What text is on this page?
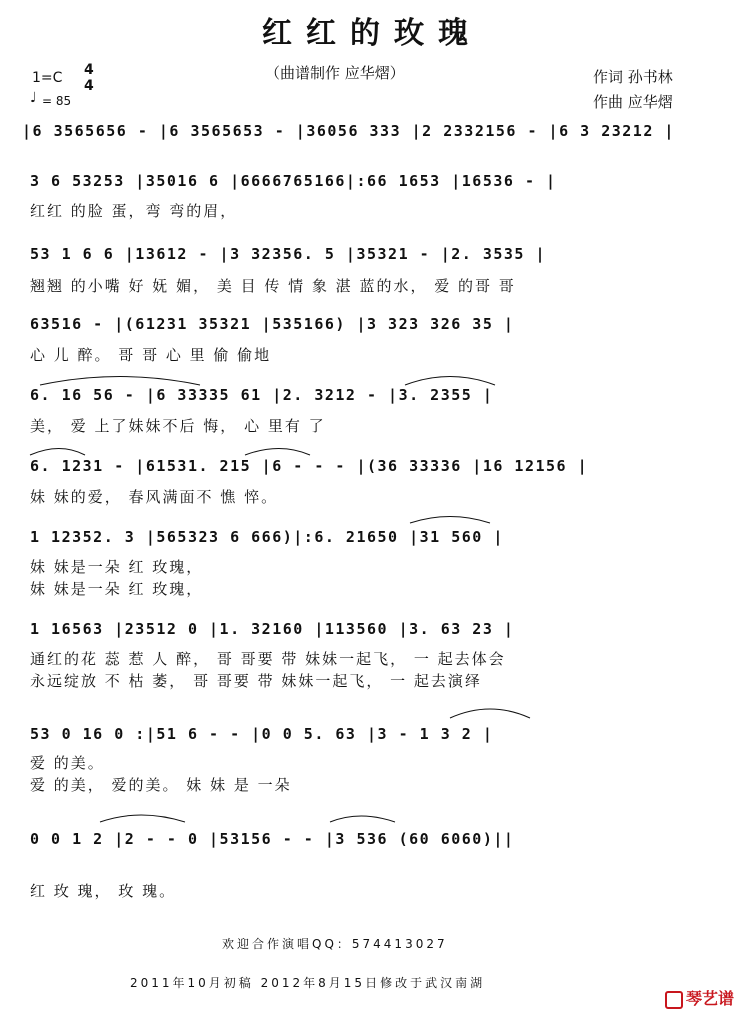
红红的玫瑰
（曲谱制作 应华熠）
1=C 4
4
♩ = 85
作词 孙书林
作曲 应华熠
|6 3565656 - |6 3565653 - |36056 333 |2 2332156 - |6 3 23212 |
3 6 53253 |35016 6 |6666765166|:66 1653 |16536 - |
红红 的脸 蛋，弯 弯的眉，
53 1 6 6 |13612 - |3 32356. 5 |35321 - |2. 3535 |
翘翘 的小嘴 好 妩 媚， 美 目 传 情 象 湛 蓝的水， 爱 的哥 哥
63516 - |(61231 35321 |535166) |3 323 326 35 |
心 儿 醉。 哥 哥 心 里 偷 偷地
6. 16 56 - |6 33335 61 |2. 3212 - |3. 2355 |
美， 爱 上了妹妹不后 悔， 心 里有 了
6. 1231 - |61531. 215 |6 - - - |(36 33336 |16 12156 |
妹 妹的爱， 春风满面不 憔 悴。
1 12352. 3 |565323 6 666)|:6. 21650 |31 560 |
妹 妹是一朵 红 玫瑰，
妹 妹是一朵 红 玫瑰，
1 16563 |23512 0 |1. 32160 |113560 |3. 63 23 |
通红的花 蕊 惹 人 醉， 哥 哥要 带 妹妹一起飞， 一 起去体会
永远绽放 不 枯 萎， 哥 哥要 带 妹妹一起飞， 一 起去演绎
53 0 16 0 :|51 6 - - |0 0 5. 63 |3 - 1 3 2 |
爱 的美。
爱 的美， 爱的美。 妹 妹 是 一朵
0 0 1 2 |2 - - 0 |53156 - - |3 536 (60 6060)||
红 玫 瑰， 玫 瑰。
欢迎合作演唱QQ：574413027
2011年10月初稿 2012年8月15日修改于武汉南湖
琴艺谱
